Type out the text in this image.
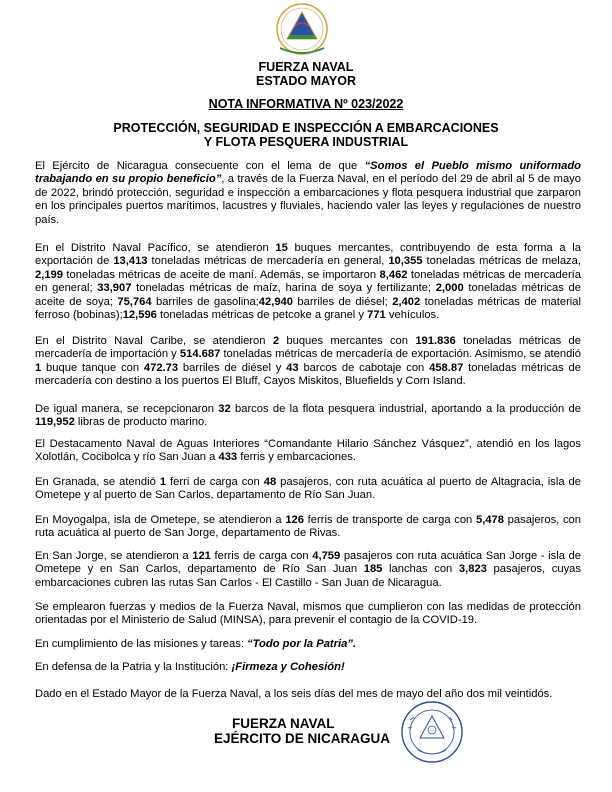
FUERZA NAVAL
ESTADO MAYOR
NOTA INFORMATIVA Nº 023/2022
PROTECCIÓN, SEGURIDAD E INSPECCIÓN A EMBARCACIONES
Y FLOTA PESQUERA INDUSTRIAL

El Ejército de Nicaragua consecuente con el lema de que “Somos el Pueblo mismo uniformado trabajando en su propio beneficio”, a través de la Fuerza Naval, en el período del 29 de abril al 5 de mayo de 2022, brindó protección, seguridad e inspección a embarcaciones y flota pesquera industrial que zarparon en los principales puertos marítimos, lacustres y fluviales, haciendo valer las leyes y regulaciones de nuestro país.

En el Distrito Naval Pacífico, se atendieron 15 buques mercantes, contribuyendo de esta forma a la exportación de 13,413 toneladas métricas de mercadería en general, 10,355 toneladas métricas de melaza, 2,199 toneladas métricas de aceite de maní. Además, se importaron 8,462 toneladas métricas de mercadería en general; 33,907 toneladas métricas de maíz, harina de soya y fertilizante; 2,000 toneladas métricas de aceite de soya; 75,764 barriles de gasolina;42,940 barriles de diésel; 2,402 toneladas métricas de material ferroso (bobinas);12,596 toneladas métricas de petcoke a granel y 771 vehículos.

En el Distrito Naval Caribe, se atendieron 2 buques mercantes con 191.836 toneladas métricas de mercadería de importación y 514.687 toneladas métricas de mercadería de exportación. Asimismo, se atendió 1 buque tanque con 472.73 barriles de diésel y 43 barcos de cabotaje con 458.87 toneladas métricas de mercadería con destino a los puertos El Bluff, Cayos Miskitos, Bluefields y Corn Island.

De igual manera, se recepcionaron 32 barcos de la flota pesquera industrial, aportando a la producción de 119,952 libras de producto marino.

El Destacamento Naval de Aguas Interiores “Comandante Hilario Sánchez Vásquez”, atendió en los lagos Xolotlán, Cocibolca y río San Juan a 433 ferris y embarcaciones.

En Granada, se atendió 1 ferri de carga con 48 pasajeros, con ruta acuática al puerto de Altagracia, isla de Ometepe y al puerto de San Carlos, departamento de Río San Juan.

En Moyogalpa, isla de Ometepe, se atendieron a 126 ferris de transporte de carga con 5,478 pasajeros, con ruta acuática al puerto de San Jorge, departamento de Rivas.

En San Jorge, se atendieron a 121 ferris de carga con 4,759 pasajeros con ruta acuática San Jorge - isla de Ometepe y en San Carlos, departamento de Río San Juan 185 lanchas con 3,823 pasajeros, cuyas embarcaciones cubren las rutas San Carlos - El Castillo - San Juan de Nicaragua.

Se emplearon fuerzas y medios de la Fuerza Naval, mismos que cumplieron con las medidas de protección orientadas por el Ministerio de Salud (MINSA), para prevenir el contagio de la COVID-19.

En cumplimiento de las misiones y tareas: “Todo por la Patria”.

En defensa de la Patria y la Institución: ¡Firmeza y Cohesión!

Dado en el Estado Mayor de la Fuerza Naval, a los seis días del mes de mayo del año dos mil veintidós.

FUERZA NAVAL
EJÉRCITO DE NICARAGUA
